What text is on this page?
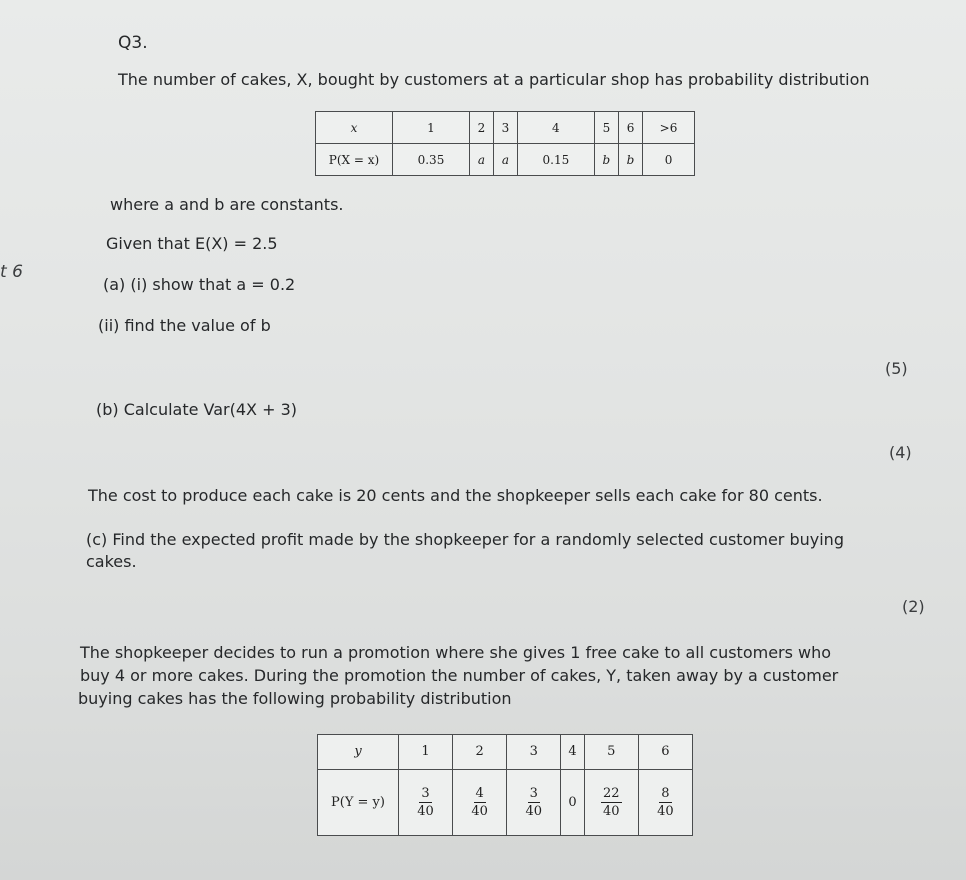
Q3.
The number of cakes, X, bought by customers at a particular shop has probability distribution
x	1	2	3	4	5	6	>6
P(X = x)	0.35	a	a	0.15	b	b	0
where a and b are constants.
Given that E(X) = 2.5
t 6
(a) (i) show that a = 0.2
(ii) find the value of b
(5)
(b) Calculate Var(4X + 3)
(4)
The cost to produce each cake is 20 cents and the shopkeeper sells each cake for 80 cents.
(c) Find the expected profit made by the shopkeeper for a randomly selected customer buying
cakes.
(2)
The shopkeeper decides to run a promotion where she gives 1 free cake to all customers who
buy 4 or more cakes. During the promotion the number of cakes, Y, taken away by a customer
buying cakes has the following probability distribution
y	1	2	3	4	5	6
P(Y = y)	$\frac{3}{40}$	$\frac{4}{40}$	$\frac{3}{40}$	0	$\frac{22}{40}$	$\frac{8}{40}$
